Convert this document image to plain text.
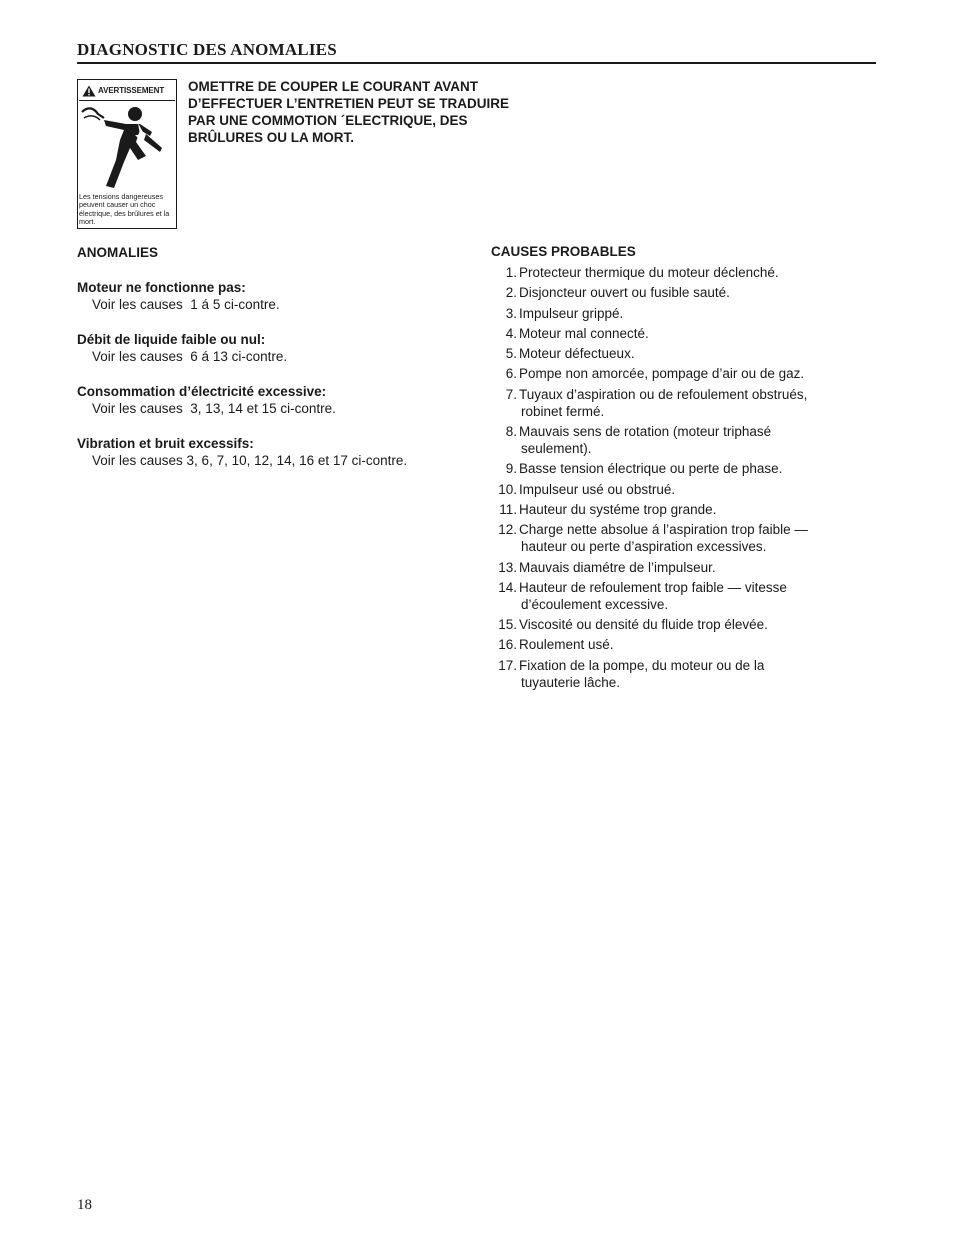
DIAGNOSTIC DES ANOMALIES
AVERTISSEMENT
Les tensions dangereuses peuvent causer un choc électrique, des brûlures et la mort.
OMETTRE DE COUPER LE COURANT AVANT
D’EFFECTUER L’ENTRETIEN PEUT SE TRADUIRE
PAR UNE COMMOTION ´ELECTRIQUE, DES
BRÛLURES OU LA MORT.
ANOMALIES
Moteur ne fonctionne pas:
Voir les causes  1 á 5 ci-contre.
Débit de liquide faible ou nul:
Voir les causes  6 á 13 ci-contre.
Consommation d’électricité excessive:
Voir les causes  3, 13, 14 et 15 ci-contre.
Vibration et bruit excessifs:
Voir les causes 3, 6, 7, 10, 12, 14, 16 et 17 ci-contre.
CAUSES PROBABLES
1. Protecteur thermique du moteur déclenché.
2. Disjoncteur ouvert ou fusible sauté.
3. Impulseur grippé.
4. Moteur mal connecté.
5. Moteur défectueux.
6. Pompe non amorcée, pompage d’air ou de gaz.
7. Tuyaux d’aspiration ou de refoulement obstrués,
robinet fermé.
8. Mauvais sens de rotation (moteur triphasé
seulement).
9. Basse tension électrique ou perte de phase.
10. Impulseur usé ou obstrué.
11. Hauteur du systéme trop grande.
12. Charge nette absolue á l’aspiration trop faible —
hauteur ou perte d’aspiration excessives.
13. Mauvais diamétre de l’impulseur.
14. Hauteur de refoulement trop faible — vitesse
d’écoulement excessive.
15. Viscosité ou densité du fluide trop élevée.
16. Roulement usé.
17. Fixation de la pompe, du moteur ou de la
tuyauterie lâche.
18
